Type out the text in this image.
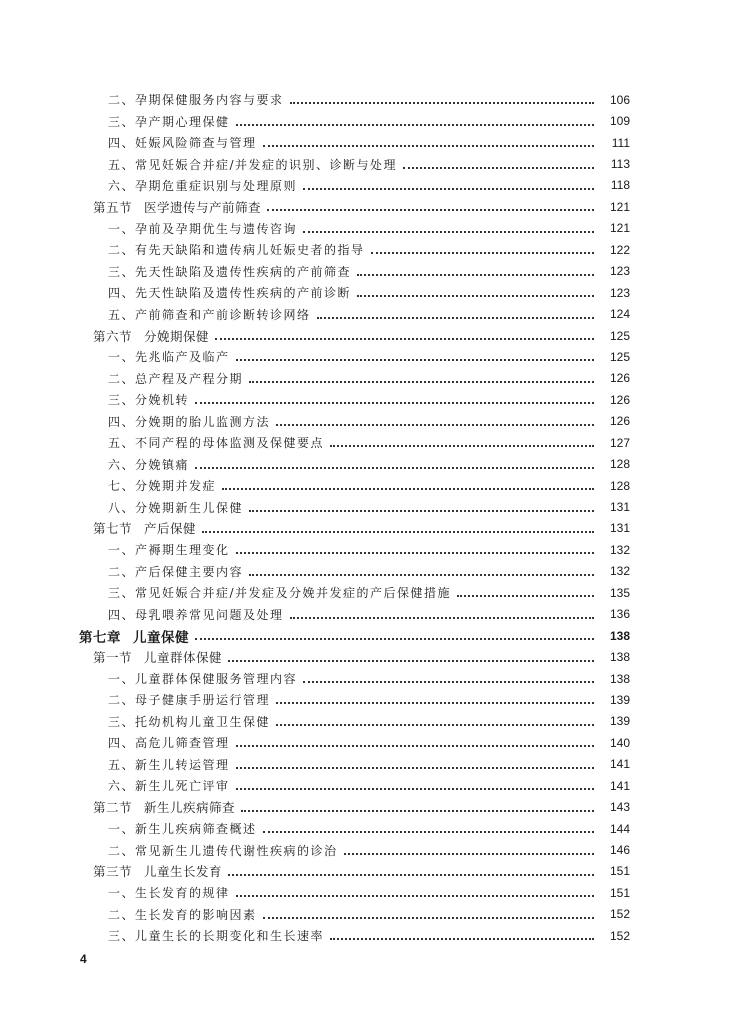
二、孕期保健服务内容与要求	106
三、孕产期心理保健	109
四、妊娠风险筛查与管理	111
五、常见妊娠合并症/并发症的识别、诊断与处理	113
六、孕期危重症识别与处理原则	118
第五节 医学遗传与产前筛查	121
一、孕前及孕期优生与遗传咨询	121
二、有先天缺陷和遗传病儿妊娠史者的指导	122
三、先天性缺陷及遗传性疾病的产前筛查	123
四、先天性缺陷及遗传性疾病的产前诊断	123
五、产前筛查和产前诊断转诊网络	124
第六节 分娩期保健	125
一、先兆临产及临产	125
二、总产程及产程分期	126
三、分娩机转	126
四、分娩期的胎儿监测方法	126
五、不同产程的母体监测及保健要点	127
六、分娩镇痛	128
七、分娩期并发症	128
八、分娩期新生儿保健	131
第七节 产后保健	131
一、产褥期生理变化	132
二、产后保健主要内容	132
三、常见妊娠合并症/并发症及分娩并发症的产后保健措施	135
四、母乳喂养常见问题及处理	136
第七章 儿童保健	138
第一节 儿童群体保健	138
一、儿童群体保健服务管理内容	138
二、母子健康手册运行管理	139
三、托幼机构儿童卫生保健	139
四、高危儿筛查管理	140
五、新生儿转运管理	141
六、新生儿死亡评审	141
第二节 新生儿疾病筛查	143
一、新生儿疾病筛查概述	144
二、常见新生儿遗传代谢性疾病的诊治	146
第三节 儿童生长发育	151
一、生长发育的规律	151
二、生长发育的影响因素	152
三、儿童生长的长期变化和生长速率	152
4
